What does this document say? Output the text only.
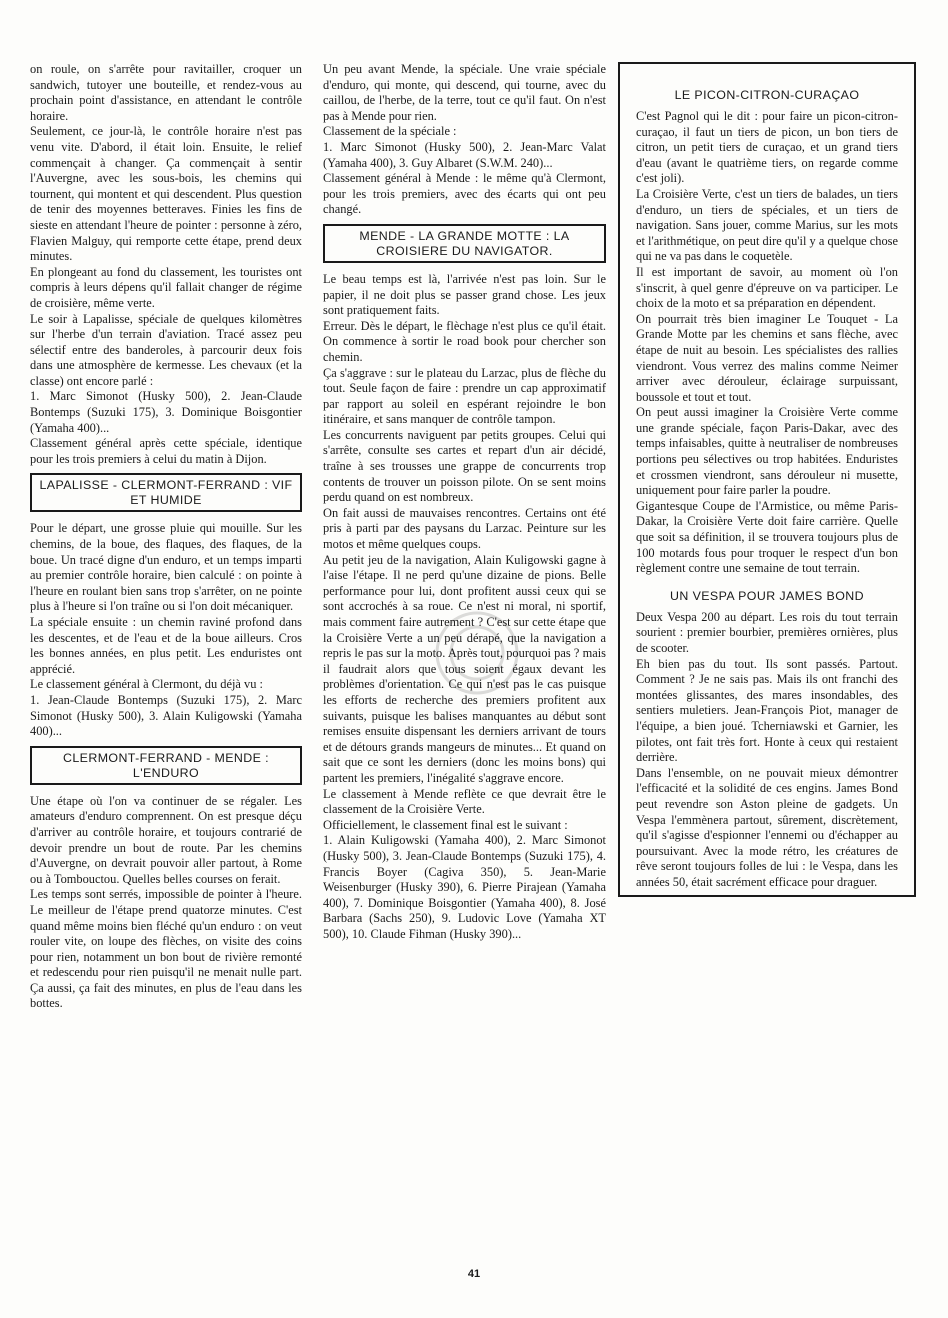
on roule, on s'arrête pour ravitailler, croquer un sandwich, tutoyer une bouteille, et rendez-vous au prochain point d'assistance, en attendant le contrôle horaire.

Seulement, ce jour-là, le contrôle horaire n'est pas venu vite. D'abord, il était loin. Ensuite, le relief commençait à changer. Ça commençait à sentir l'Auvergne, avec les sous-bois, les chemins qui tournent, qui montent et qui descendent. Plus question de tenir des moyennes betteraves. Finies les fins de sieste en attendant l'heure de pointer : personne à zéro, Flavien Malguy, qui remporte cette étape, prend deux minutes.

En plongeant au fond du classement, les touristes ont compris à leurs dépens qu'il fallait changer de régime de croisière, même verte.

Le soir à Lapalisse, spéciale de quelques kilomètres sur l'herbe d'un terrain d'aviation. Tracé assez peu sélectif entre des banderoles, à parcourir deux fois dans une atmosphère de kermesse. Les chevaux (et la classe) ont encore parlé :

1. Marc Simonot (Husky 500), 2. Jean-Claude Bontemps (Suzuki 175), 3. Dominique Boisgontier (Yamaha 400)...

Classement général après cette spéciale, identique pour les trois premiers à celui du matin à Dijon.

LAPALISSE - CLERMONT-FERRAND : VIF ET HUMIDE

Pour le départ, une grosse pluie qui mouille. Sur les chemins, de la boue, des flaques, des flaques, de la boue. Un tracé digne d'un enduro, et un temps imparti au premier contrôle horaire, bien calculé : on pointe à l'heure en roulant bien sans trop s'arrêter, on ne pointe plus à l'heure si l'on traîne ou si l'on doit mécaniquer.

La spéciale ensuite : un chemin raviné profond dans les descentes, et de l'eau et de la boue ailleurs. Cros les bonnes années, en plus petit. Les enduristes ont apprécié.

Le classement général à Clermont, du déjà vu :

1. Jean-Claude Bontemps (Suzuki 175), 2. Marc Simonot (Husky 500), 3. Alain Kuligowski (Yamaha 400)...

CLERMONT-FERRAND - MENDE : L'ENDURO

Une étape où l'on va continuer de se régaler. Les amateurs d'enduro comprennent. On est presque déçu d'arriver au contrôle horaire, et toujours contrarié de devoir prendre un bout de route. Par les chemins d'Auvergne, on devrait pouvoir aller partout, à Rome ou à Tombouctou. Quelles belles courses on ferait.

Les temps sont serrés, impossible de pointer à l'heure. Le meilleur de l'étape prend quatorze minutes. C'est quand même moins bien fléché qu'un enduro : on veut rouler vite, on loupe des flèches, on visite des coins pour rien, notamment un bon bout de rivière remonté et redescendu pour rien puisqu'il ne menait nulle part. Ça aussi, ça fait des minutes, en plus de l'eau dans les bottes.

Un peu avant Mende, la spéciale. Une vraie spéciale d'enduro, qui monte, qui descend, qui tourne, avec du caillou, de l'herbe, de la terre, tout ce qu'il faut. On n'est pas à Mende pour rien.

Classement de la spéciale :

1. Marc Simonot (Husky 500), 2. Jean-Marc Valat (Yamaha 400), 3. Guy Albaret (S.W.M. 240)...

Classement général à Mende : le même qu'à Clermont, pour les trois premiers, avec des écarts qui ont peu changé.

MENDE - LA GRANDE MOTTE : LA CROISIERE DU NAVIGATOR.

Le beau temps est là, l'arrivée n'est pas loin. Sur le papier, il ne doit plus se passer grand chose. Les jeux sont pratiquement faits.

Erreur. Dès le départ, le flèchage n'est plus ce qu'il était. On commence à sortir le road book pour chercher son chemin.

Ça s'aggrave : sur le plateau du Larzac, plus de flèche du tout. Seule façon de faire : prendre un cap approximatif par rapport au soleil en espérant rejoindre le bon itinéraire, et sans manquer de contrôle tampon.

Les concurrents naviguent par petits groupes. Celui qui s'arrête, consulte ses cartes et repart d'un air décidé, traîne à ses trousses une grappe de concurrents trop contents de trouver un poisson pilote. On se sent moins perdu quand on est nombreux.

On fait aussi de mauvaises rencontres. Certains ont été pris à parti par des paysans du Larzac. Peinture sur les motos et même quelques coups.

Au petit jeu de la navigation, Alain Kuligowski gagne à l'aise l'étape. Il ne perd qu'une dizaine de pions. Belle performance pour lui, dont profitent aussi ceux qui se sont accrochés à sa roue. Ce n'est ni moral, ni sportif, mais comment faire autrement ? C'est sur cette étape que la Croisière Verte a un peu dérapé, que la navigation a repris le pas sur la moto. Après tout, pourquoi pas ? mais il faudrait alors que tous soient égaux devant les problèmes d'orientation. Ce qui n'est pas le cas puisque les efforts de recherche des premiers profitent aux suivants, puisque les balises manquantes au début sont remises ensuite dispensant les derniers arrivant de tours et de détours grands mangeurs de minutes... Et quand on sait que ce sont les derniers (donc les moins bons) qui partent les premiers, l'inégalité s'aggrave encore.

Le classement à Mende reflète ce que devrait être le classement de la Croisière Verte.

Officiellement, le classement final est le suivant :

1. Alain Kuligowski (Yamaha 400), 2. Marc Simonot (Husky 500), 3. Jean-Claude Bontemps (Suzuki 175), 4. Francis Boyer (Cagiva 350), 5. Jean-Marie Weisenburger (Husky 390), 6. Pierre Pirajean (Yamaha 400), 7. Dominique Boisgontier (Yamaha 400), 8. José Barbara (Sachs 250), 9. Ludovic Love (Yamaha XT 500), 10. Claude Fihman (Husky 390)...

LE PICON-CITRON-CURAÇAO

C'est Pagnol qui le dit : pour faire un picon-citron-curaçao, il faut un tiers de picon, un bon tiers de citron, un petit tiers de curaçao, et un grand tiers d'eau (avant le quatrième tiers, on regarde comme c'est joli).

La Croisière Verte, c'est un tiers de balades, un tiers d'enduro, un tiers de spéciales, et un tiers de navigation. Sans jouer, comme Marius, sur les mots et l'arithmétique, on peut dire qu'il y a quelque chose qui ne va pas dans le coquetèle.

Il est important de savoir, au moment où l'on s'inscrit, à quel genre d'épreuve on va participer. Le choix de la moto et sa préparation en dépendent.

On pourrait très bien imaginer Le Touquet - La Grande Motte par les chemins et sans flèche, avec étape de nuit au besoin. Les spécialistes des rallies viendront. Vous verrez des malins comme Neimer arriver avec dérouleur, éclairage surpuissant, boussole et tout et tout.

On peut aussi imaginer la Croisière Verte comme une grande spéciale, façon Paris-Dakar, avec des temps infaisables, quitte à neutraliser de nombreuses portions peu sélectives ou trop habitées. Enduristes et crossmen viendront, sans dérouleur ni musette, uniquement pour faire parler la poudre.

Gigantesque Coupe de l'Armistice, ou même Paris-Dakar, la Croisière Verte doit faire carrière. Quelle que soit sa définition, il se trouvera toujours plus de 100 motards fous pour troquer le respect d'un bon règlement contre une semaine de tout terrain.

UN VESPA POUR JAMES BOND

Deux Vespa 200 au départ. Les rois du tout terrain sourient : premier bourbier, premières ornières, plus de scooter.

Eh bien pas du tout. Ils sont passés. Partout. Comment ? Je ne sais pas. Mais ils ont franchi des montées glissantes, des mares insondables, des sentiers muletiers. Jean-François Piot, manager de l'équipe, a bien joué. Tcherniawski et Garnier, les pilotes, ont fait très fort. Honte à ceux qui restaient derrière.

Dans l'ensemble, on ne pouvait mieux démontrer l'efficacité et la solidité de ces engins. James Bond peut revendre son Aston pleine de gadgets. Un Vespa l'emmènera partout, sûrement, discrètement, qu'il s'agisse d'espionner l'ennemi ou d'échapper au poursuivant. Avec la mode rétro, les créatures de rêve seront toujours folles de lui : le Vespa, dans les années 50, était sacrément efficace pour draguer.

41
